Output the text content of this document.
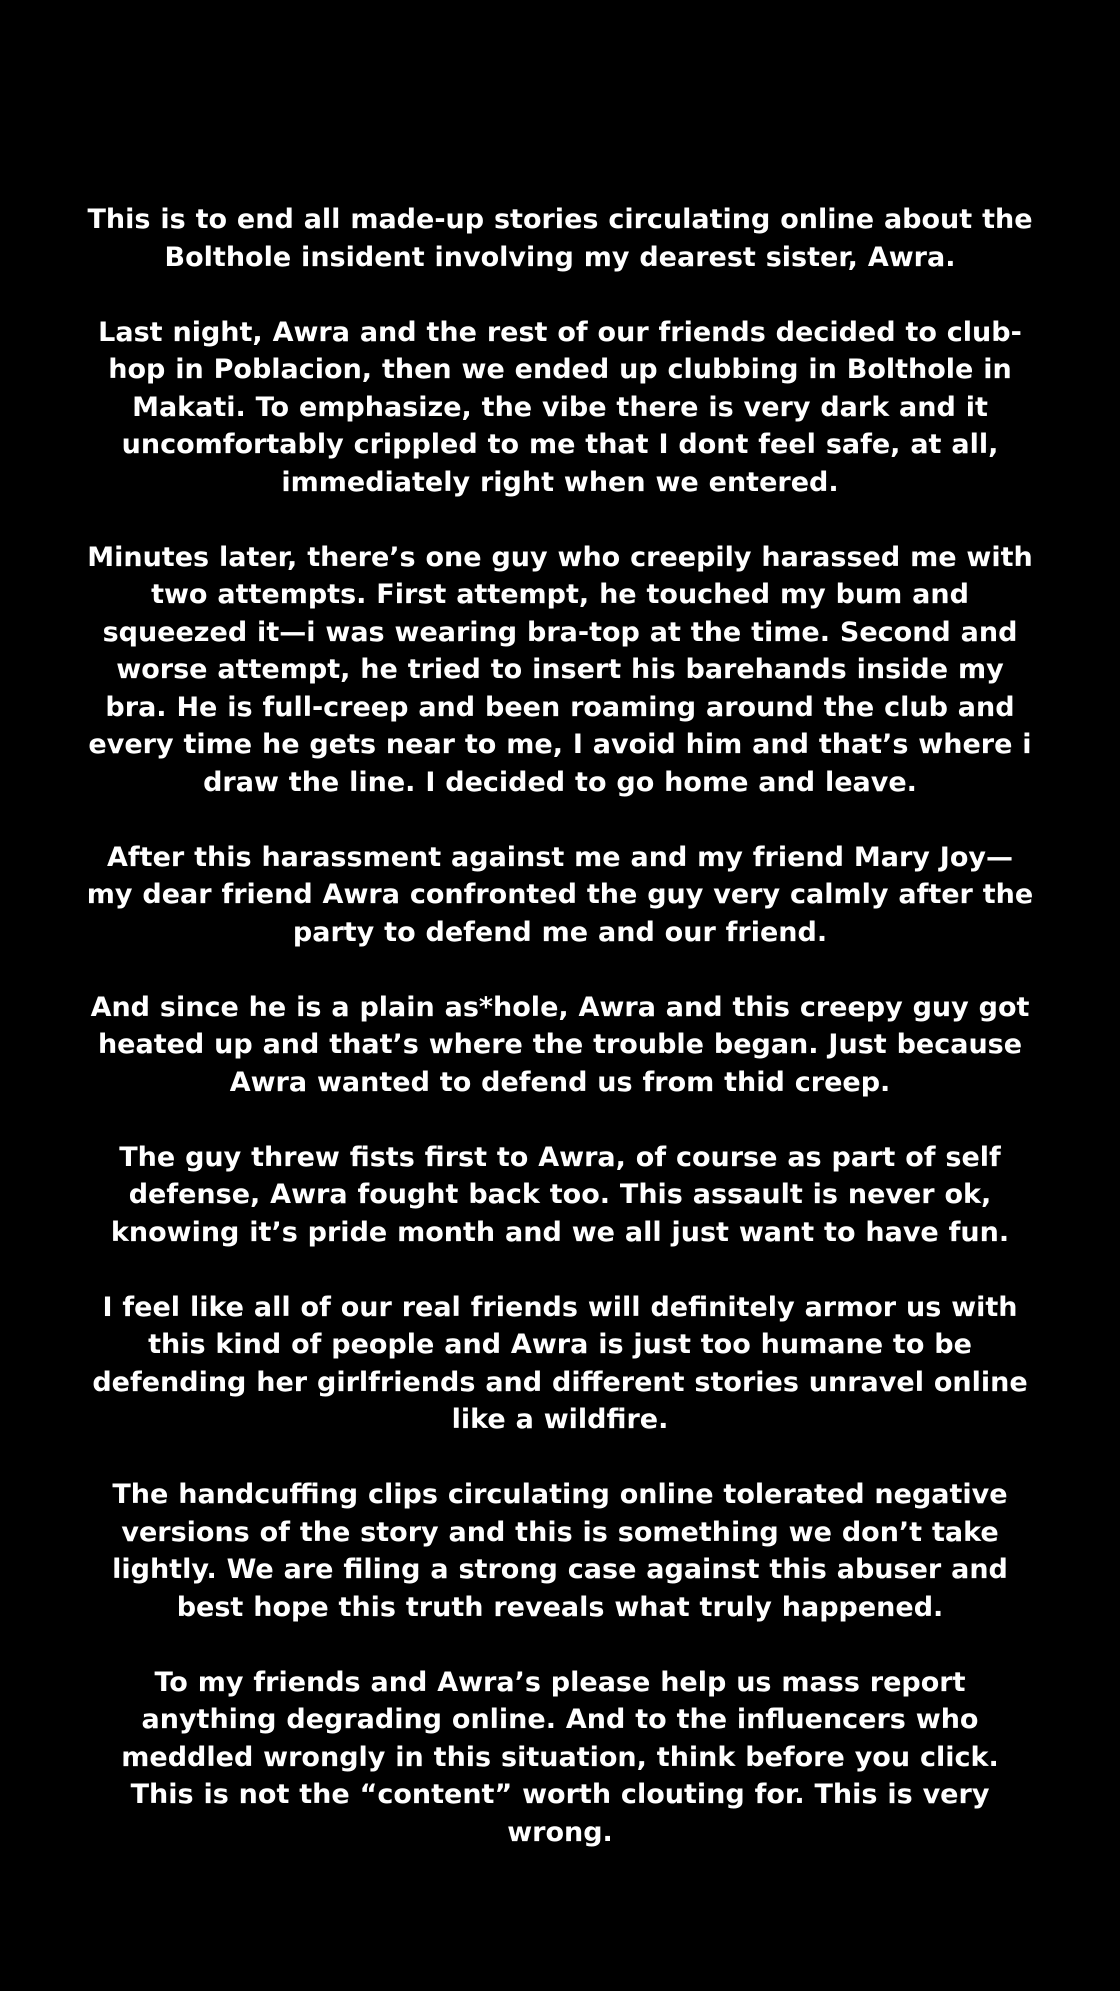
This is to end all made-up stories circulating online about the
Bolthole insident involving my dearest sister, Awra.

Last night, Awra and the rest of our friends decided to club-
hop in Poblacion, then we ended up clubbing in Bolthole in
Makati. To emphasize, the vibe there is very dark and it
uncomfortably crippled to me that I dont feel safe, at all,
immediately right when we entered.

Minutes later, there’s one guy who creepily harassed me with
two attempts. First attempt, he touched my bum and
squeezed it—i was wearing bra-top at the time. Second and
worse attempt, he tried to insert his barehands inside my
bra. He is full-creep and been roaming around the club and
every time he gets near to me, I avoid him and that’s where i
draw the line. I decided to go home and leave.

After this harassment against me and my friend Mary Joy—
my dear friend Awra confronted the guy very calmly after the
party to defend me and our friend.

And since he is a plain as*hole, Awra and this creepy guy got
heated up and that’s where the trouble began. Just because
Awra wanted to defend us from thid creep.

The guy threw fists first to Awra, of course as part of self
defense, Awra fought back too. This assault is never ok,
knowing it’s pride month and we all just want to have fun.

I feel like all of our real friends will definitely armor us with
this kind of people and Awra is just too humane to be
defending her girlfriends and different stories unravel online
like a wildfire.

The handcuffing clips circulating online tolerated negative
versions of the story and this is something we don’t take
lightly. We are filing a strong case against this abuser and
best hope this truth reveals what truly happened.

To my friends and Awra’s please help us mass report
anything degrading online. And to the influencers who
meddled wrongly in this situation, think before you click.
This is not the “content” worth clouting for. This is very
wrong.
